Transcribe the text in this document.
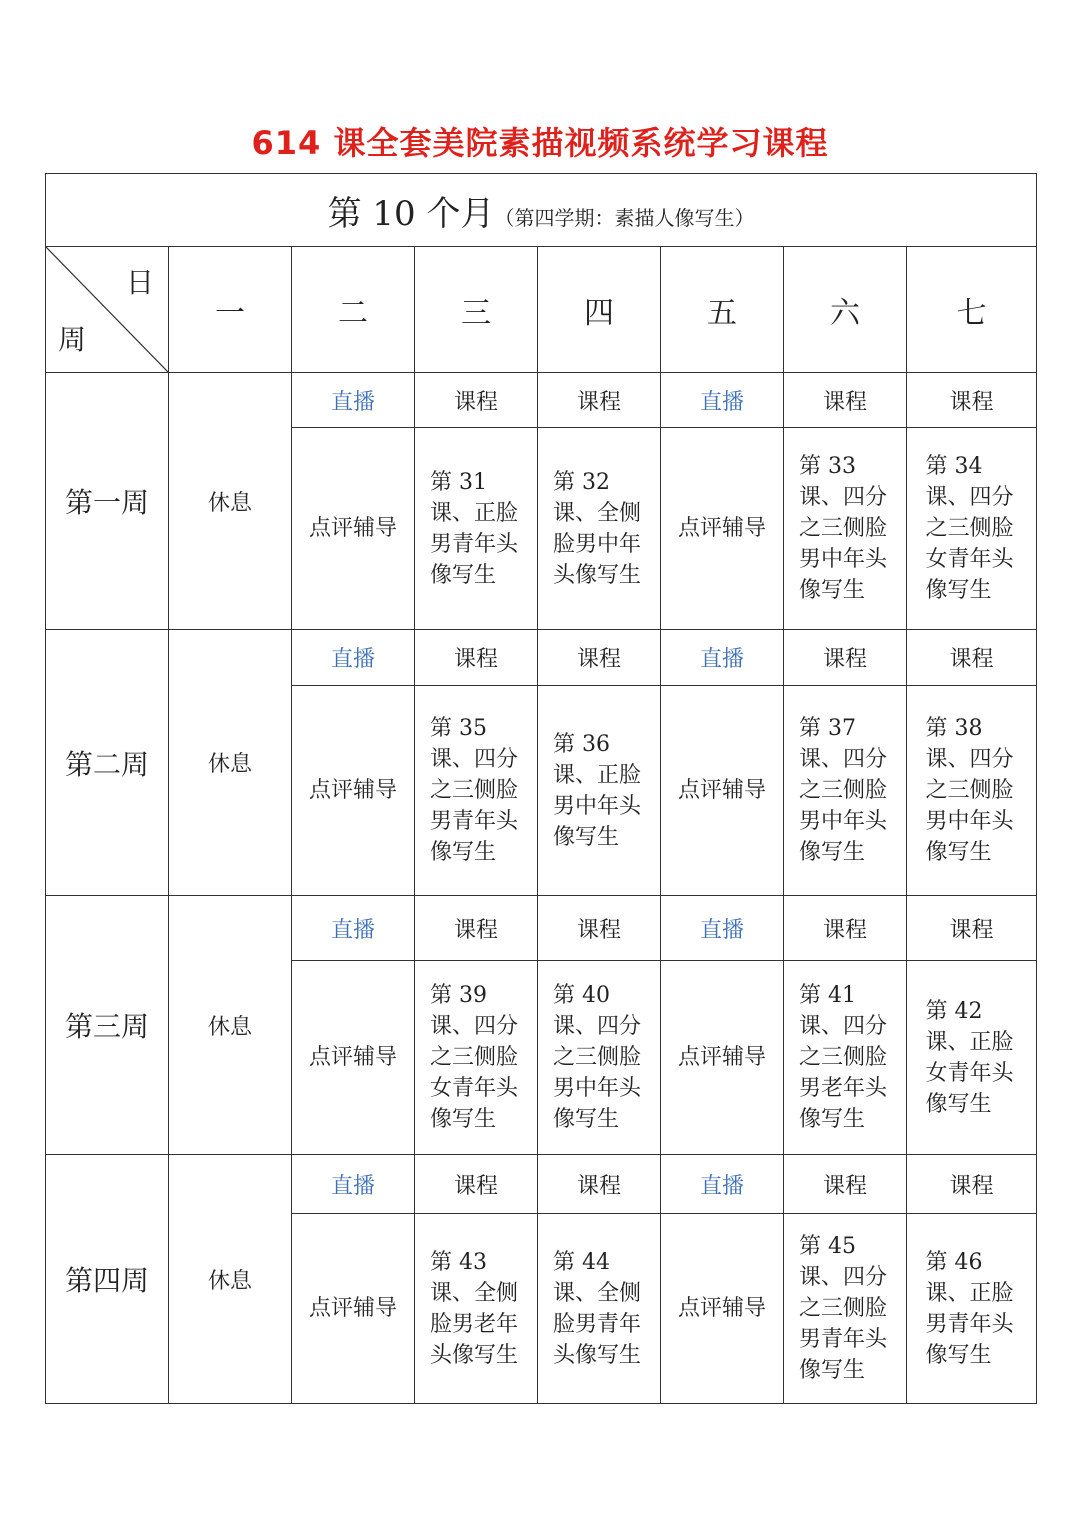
614 课全套美院素描视频系统学习课程
第 10 个月（第四学期：素描人像写生）							

日
周	一	二	三	四	五	六	七
第一周	休息	直播	课程	课程	直播	课程	课程
		点评辅导	第 31 课、正脸男青年头像写生	第 32 课、全侧脸男中年头像写生	点评辅导	第 33 课、四分之三侧脸男中年头像写生	第 34 课、四分之三侧脸女青年头像写生
第二周	休息	直播	课程	课程	直播	课程	课程
		点评辅导	第 35 课、四分之三侧脸男青年头像写生	第 36 课、正脸男中年头像写生	点评辅导	第 37 课、四分之三侧脸男中年头像写生	第 38 课、四分之三侧脸男中年头像写生
第三周	休息	直播	课程	课程	直播	课程	课程
		点评辅导	第 39 课、四分之三侧脸女青年头像写生	第 40 课、四分之三侧脸男中年头像写生	点评辅导	第 41 课、四分之三侧脸男老年头像写生	第 42 课、正脸女青年头像写生
第四周	休息	直播	课程	课程	直播	课程	课程
		点评辅导	第 43 课、全侧脸男老年头像写生	第 44 课、全侧脸男青年头像写生	点评辅导	第 45 课、四分之三侧脸男青年头像写生	第 46 课、正脸男青年头像写生
